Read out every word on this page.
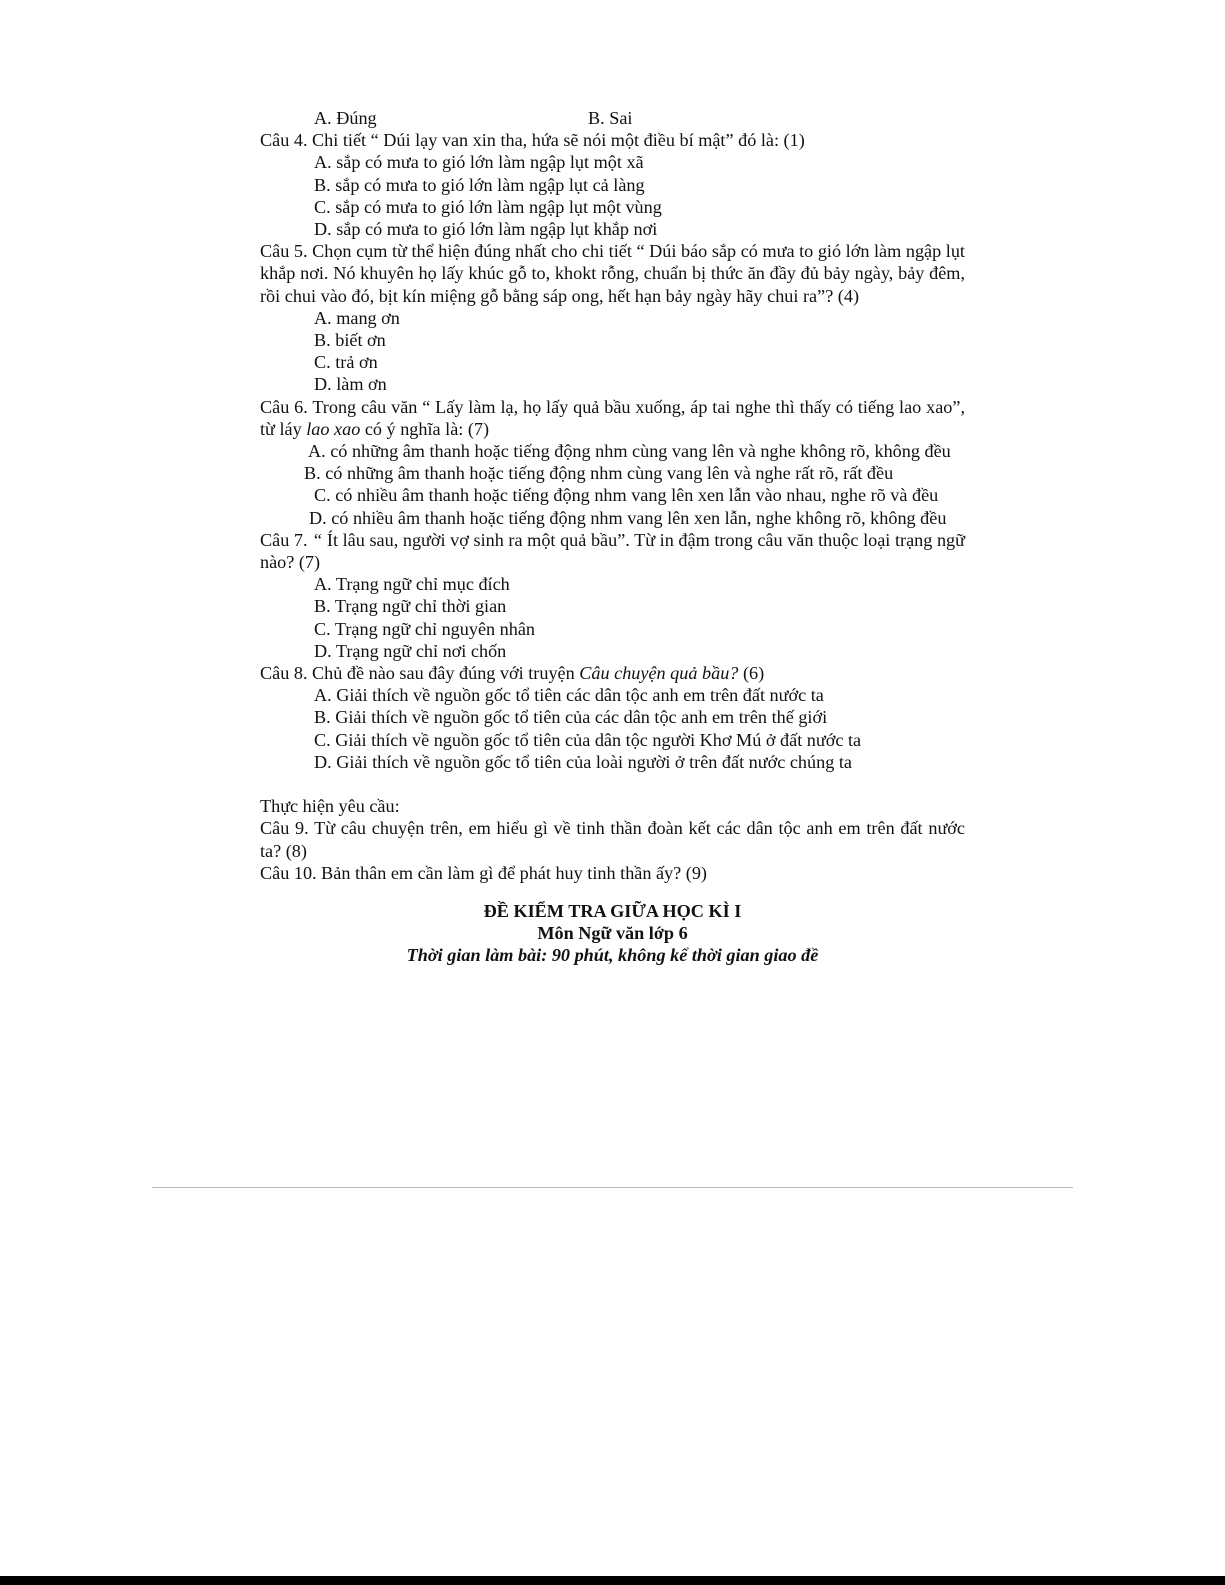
A. Đúng	B. Sai

Câu 4. Chi tiết “ Dúi lạy van xin tha, hứa sẽ nói một điều bí mật” đó là: (1)

A. sắp có mưa to gió lớn làm ngập lụt một xã

B. sắp có mưa to gió lớn làm ngập lụt cả làng

C. sắp có mưa to gió lớn làm ngập lụt một vùng

D. sắp có mưa to gió lớn làm ngập lụt khắp nơi

Câu 5. Chọn cụm từ thể hiện đúng nhất cho chi tiết “ Dúi báo sắp có mưa to gió lớn làm ngập lụt khắp nơi. Nó khuyên họ lấy khúc gỗ to, khokt rỗng, chuẩn bị thức ăn đầy đủ bảy ngày, bảy đêm, rồi chui vào đó, bịt kín miệng gỗ bằng sáp ong, hết hạn bảy ngày hãy chui ra”? (4)

A. mang ơn

B. biết ơn

C. trả ơn

D. làm ơn

Câu 6. Trong câu văn “ Lấy làm lạ, họ lấy quả bầu xuống, áp tai nghe thì thấy có tiếng lao xao”, từ láy lao xao có ý nghĩa là: (7)

A. có những âm thanh hoặc tiếng động nhm cùng vang lên và nghe không rõ, không đều

B. có những âm thanh hoặc tiếng động nhm cùng vang lên và nghe rất rõ, rất đều

C. có nhiều âm thanh hoặc tiếng động nhm vang lên xen lẫn vào nhau, nghe rõ và đều

D. có nhiều âm thanh hoặc tiếng động nhm vang lên xen lẫn, nghe không rõ, không đều

Câu 7. “ Ít lâu sau, người vợ sinh ra một quả bầu”. Từ in đậm trong câu văn thuộc loại trạng ngữ nào? (7)

A. Trạng ngữ chỉ mục đích

B. Trạng ngữ chỉ thời gian

C. Trạng ngữ chỉ nguyên nhân

D. Trạng ngữ chỉ nơi chốn

Câu 8. Chủ đề nào sau đây đúng với truyện Câu chuyện quả bầu? (6)

A. Giải thích về nguồn gốc tổ tiên các dân tộc anh em trên đất nước ta

B. Giải thích về nguồn gốc tổ tiên của các dân tộc anh em trên thế giới

C. Giải thích về nguồn gốc tổ tiên của dân tộc người Khơ Mú ở đất nước ta

D. Giải thích về nguồn gốc tổ tiên của loài người ở trên đất nước chúng ta

Thực hiện yêu cầu:

Câu 9. Từ câu chuyện trên, em hiểu gì về tinh thần đoàn kết các dân tộc anh em trên đất nước ta? (8)

Câu 10. Bản thân em cần làm gì để phát huy tinh thần ấy? (9)

ĐỀ KIỂM TRA GIỮA HỌC KÌ I

Môn Ngữ văn lớp 6

Thời gian làm bài: 90 phút, không kể thời gian giao đề
